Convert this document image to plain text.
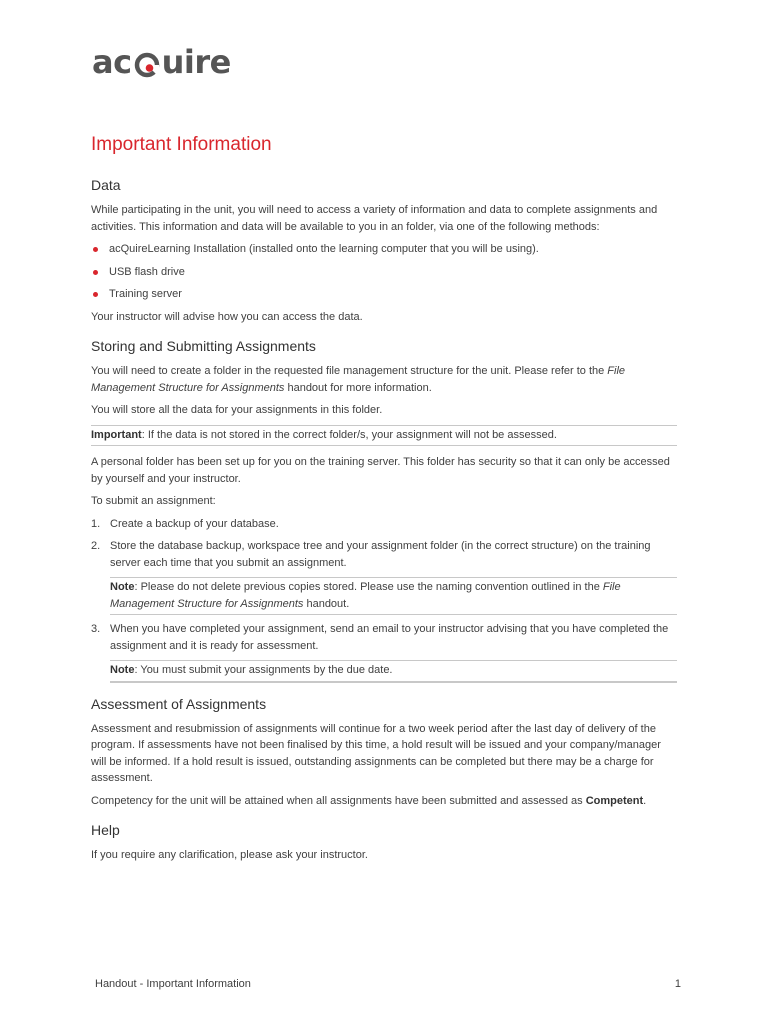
ac uire
Important Information
Data

While participating in the unit, you will need to access a variety of information and data to complete assignments and activities. This information and data will be available to you in an folder, via one of the following methods:

acQuireLearning Installation (installed onto the learning computer that you will be using).
USB flash drive
Training server

Your instructor will advise how you can access the data.

Storing and Submitting Assignments

You will need to create a folder in the requested file management structure for the unit. Please refer to the File Management Structure for Assignments handout for more information.

You will store all the data for your assignments in this folder.

Important: If the data is not stored in the correct folder/s, your assignment will not be assessed.

A personal folder has been set up for you on the training server. This folder has security so that it can only be accessed by yourself and your instructor.

To submit an assignment:

1. Create a backup of your database.
2. Store the database backup, workspace tree and your assignment folder (in the correct structure) on the training server each time that you submit an assignment.
Note: Please do not delete previous copies stored. Please use the naming convention outlined in the File Management Structure for Assignments handout.
3. When you have completed your assignment, send an email to your instructor advising that you have completed the assignment and it is ready for assessment.
Note: You must submit your assignments by the due date.
Assessment of Assignments

Assessment and resubmission of assignments will continue for a two week period after the last day of delivery of the program. If assessments have not been finalised by this time, a hold result will be issued and your company/manager will be informed. If a hold result is issued, outstanding assignments can be completed but there may be a charge for assessment.

Competency for the unit will be attained when all assignments have been submitted and assessed as Competent.

Help

If you require any clarification, please ask your instructor.

Handout - Important Information	1
